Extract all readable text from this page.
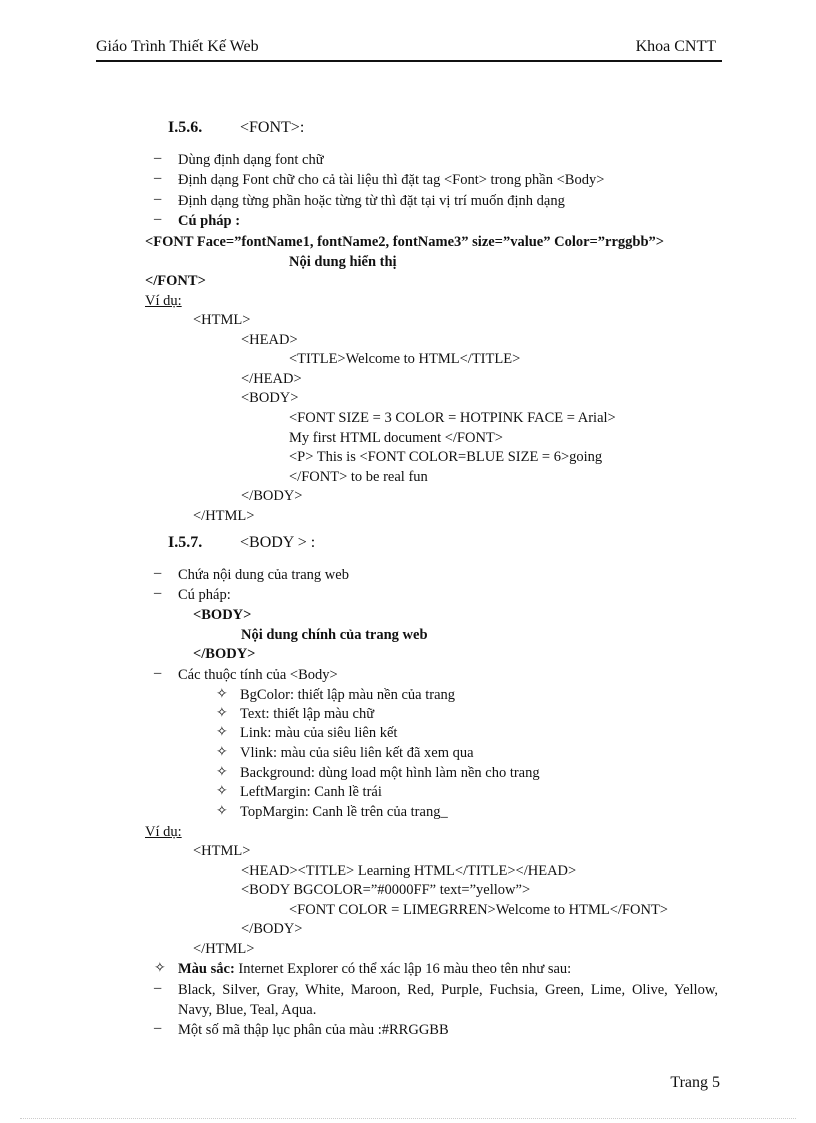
Giáo Trình Thiết Kế Web	Khoa CNTT
I.5.6. <FONT>:
– Dùng định dạng font chữ
– Định dạng Font chữ cho cả tài liệu thì đặt tag <Font> trong phần <Body>
– Định dạng từng phần hoặc từng từ thì đặt tại vị trí muốn định dạng
– Cú pháp :
<FONT Face=”fontName1, fontName2, fontName3” size=”value” Color=”rrggbb”>
Nội dung hiển thị
</FONT>
Ví dụ:
<HTML>
<HEAD>
<TITLE>Welcome to HTML</TITLE>
</HEAD>
<BODY>
<FONT SIZE = 3 COLOR = HOTPINK FACE = Arial>
My first HTML document </FONT>
<P> This is <FONT COLOR=BLUE SIZE = 6>going
</FONT> to be real fun
</BODY>
</HTML>
I.5.7. <BODY > :
– Chứa nội dung của trang web
– Cú pháp:
<BODY>
Nội dung chính của trang web
</BODY>
– Các thuộc tính của <Body>
✧ BgColor: thiết lập màu nền của trang
✧ Text: thiết lập màu chữ
✧ Link: màu của siêu liên kết
✧ Vlink: màu của siêu liên kết đã xem qua
✧ Background: dùng load một hình làm nền cho trang
✧ LeftMargin: Canh lề trái
✧ TopMargin: Canh lề trên của trang_
Ví dụ:
<HTML>
<HEAD><TITLE> Learning HTML</TITLE></HEAD>
<BODY BGCOLOR=”#0000FF” text=”yellow”>
<FONT COLOR = LIMEGRREN>Welcome to HTML</FONT>
</BODY>
</HTML>
✧ Màu sắc: Internet Explorer có thể xác lập 16 màu theo tên như sau:
– Black, Silver, Gray, White, Maroon, Red, Purple, Fuchsia, Green, Lime, Olive, Yellow, Navy, Blue, Teal, Aqua.
– Một số mã thập lục phân của màu :#RRGGBB
Trang 5
